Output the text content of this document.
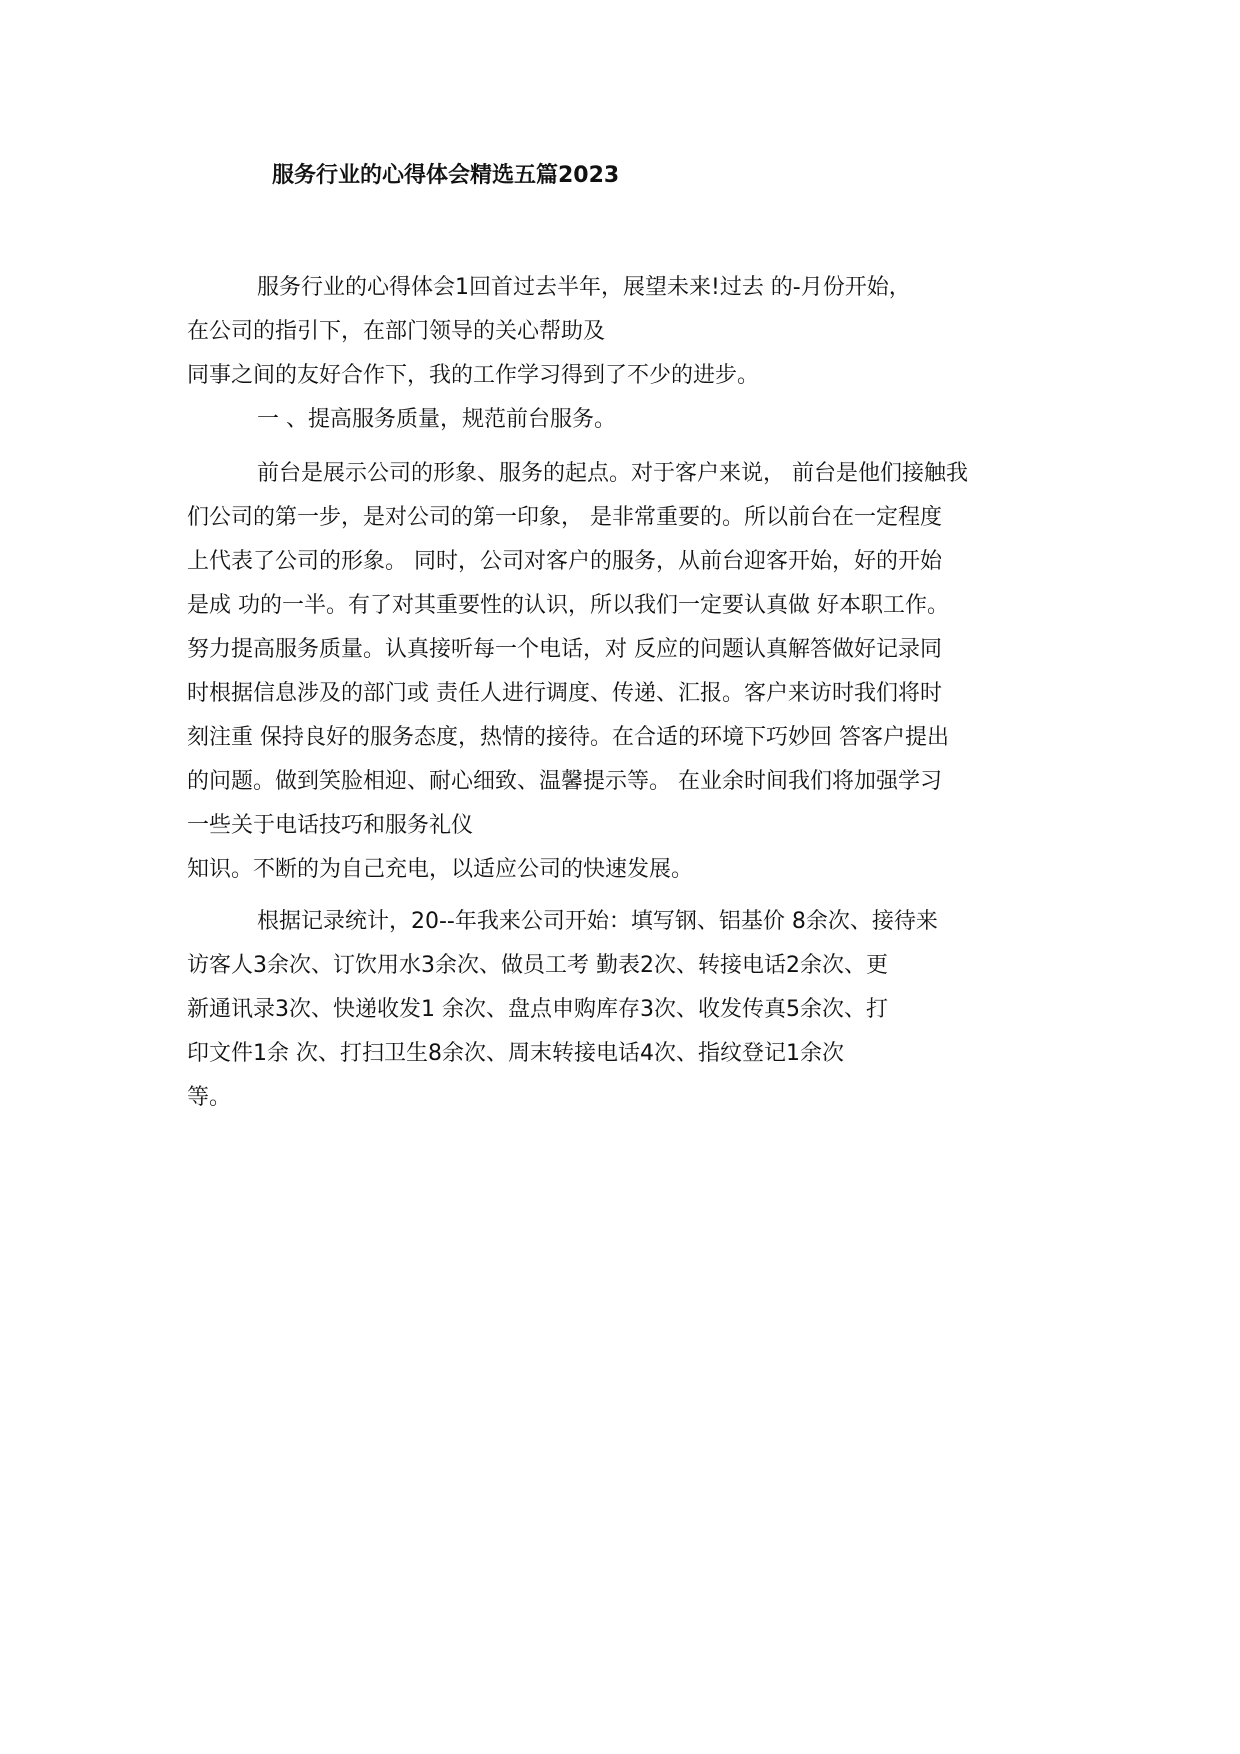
服务行业的心得体会精选五篇2023
服务行业的心得体会1回首过去半年，展望未来!过去 的-月份开始，
在公司的指引下，在部门领导的关心帮助及
同事之间的友好合作下，我的工作学习得到了不少的进步。
一 、提高服务质量，规范前台服务。
前台是展示公司的形象、服务的起点。对于客户来说， 前台是他们接触我
们公司的第一步，是对公司的第一印象， 是非常重要的。所以前台在一定程度
上代表了公司的形象。 同时，公司对客户的服务，从前台迎客开始，好的开始
是成 功的一半。有了对其重要性的认识，所以我们一定要认真做 好本职工作。
努力提高服务质量。认真接听每一个电话，对 反应的问题认真解答做好记录同
时根据信息涉及的部门或 责任人进行调度、传递、汇报。客户来访时我们将时
刻注重 保持良好的服务态度，热情的接待。在合适的环境下巧妙回 答客户提出
的问题。做到笑脸相迎、耐心细致、温馨提示等。 在业余时间我们将加强学习
一些关于电话技巧和服务礼仪
知识。不断的为自己充电，以适应公司的快速发展。
根据记录统计，20--年我来公司开始：填写钢、铝基价 8余次、接待来
访客人3余次、订饮用水3余次、做员工考 勤表2次、转接电话2余次、更
新通讯录3次、快递收发1 余次、盘点申购库存3次、收发传真5余次、打
印文件1余 次、打扫卫生8余次、周末转接电话4次、指纹登记1余次
等。
